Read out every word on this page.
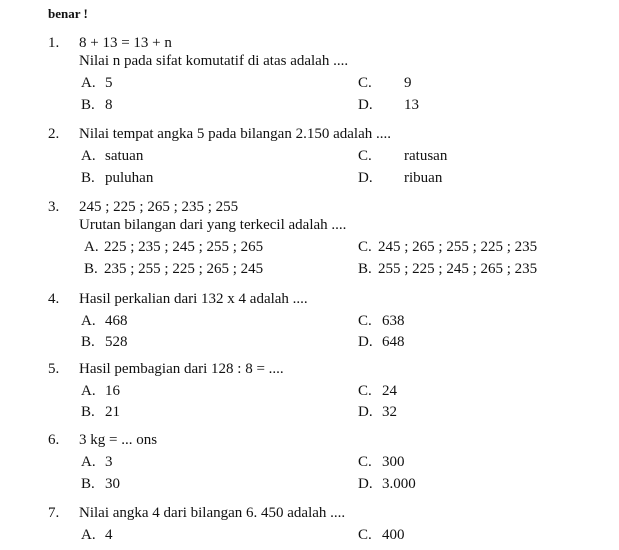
benar !
1. 8 + 13 = 13 + n
Nilai n pada sifat komutatif di atas adalah ....
A. 5	C. 9
B. 8	D. 13
2. Nilai tempat angka 5 pada bilangan 2.150 adalah ....
A. satuan	C. ratusan
B. puluhan	D. ribuan
3. 245 ; 225 ; 265 ; 235 ; 255
Urutan bilangan dari yang terkecil adalah ....
A. 225 ; 235 ; 245 ; 255 ; 265	C. 245 ; 265 ; 255 ; 225 ; 235
B. 235 ; 255 ; 225 ; 265 ; 245	B. 255 ; 225 ; 245 ; 265 ; 235
4. Hasil perkalian dari 132 x 4 adalah ....
A. 468	C. 638
B. 528	D. 648
5. Hasil pembagian dari 128 : 8 = ....
A. 16	C. 24
B. 21	D. 32
6. 3 kg = ... ons
A. 3	C. 300
B. 30	D. 3.000
7. Nilai angka 4 dari bilangan 6. 450 adalah ....
A. 4	C. 400
